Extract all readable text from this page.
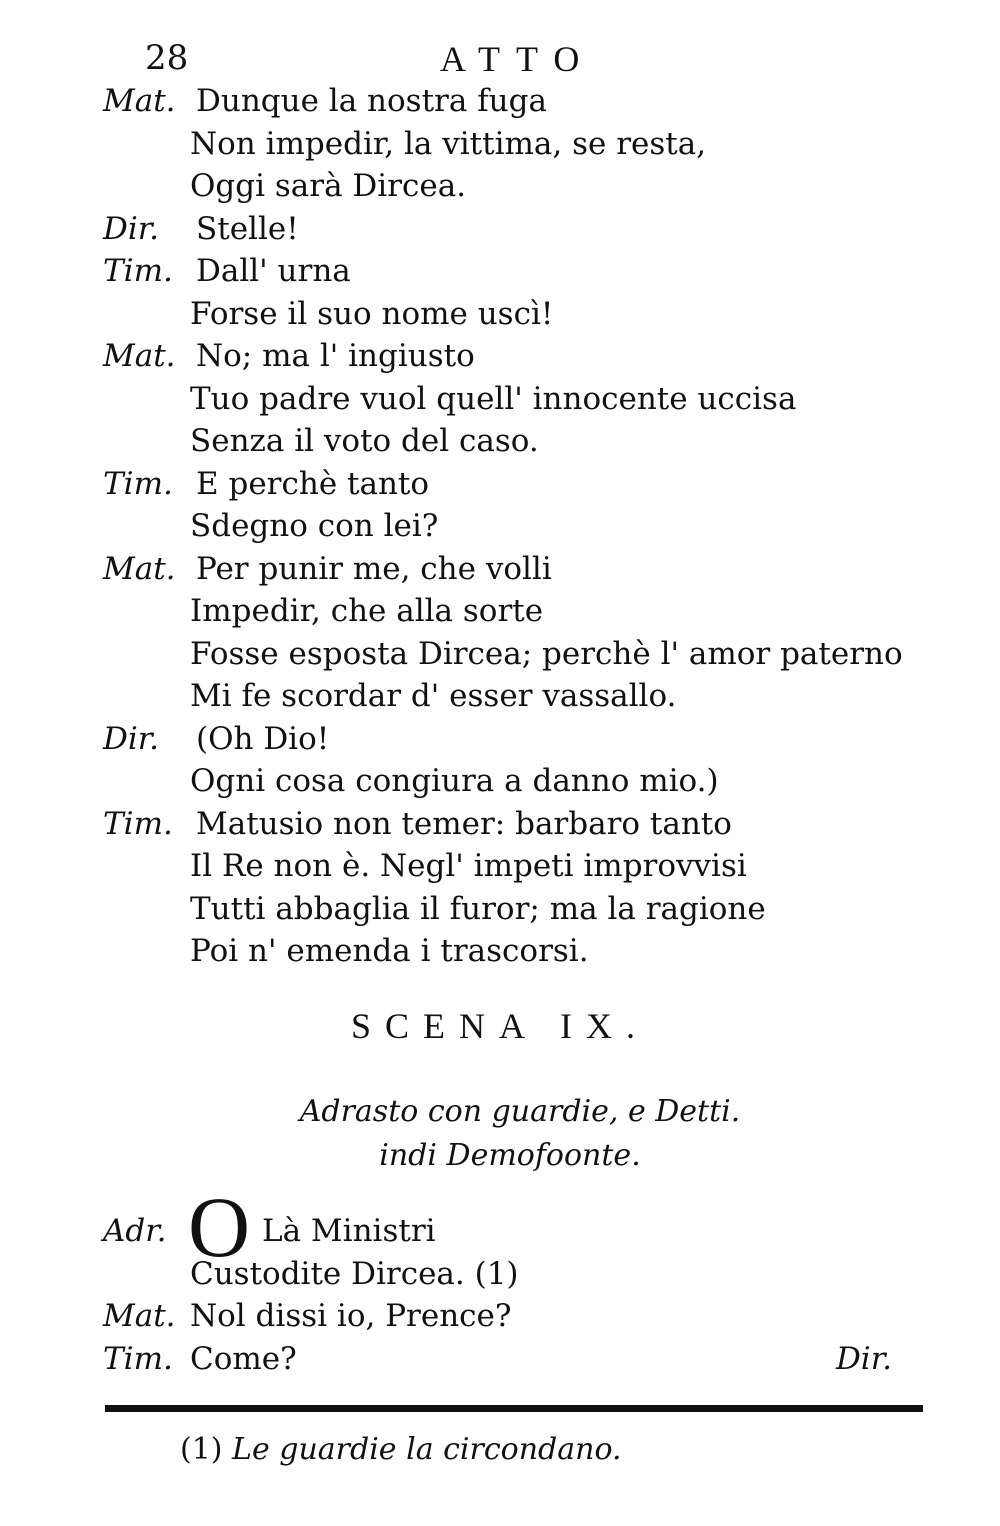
28	ATTO
Mat. Dunque la nostra fuga
Non impedir, la vittima, se resta,
Oggi sarà Dircea.
Dir. Stelle!
Tim. Dall' urna
Forse il suo nome uscì!
Mat. No; ma l' ingiusto
Tuo padre vuol quell' innocente uccisa
Senza il voto del caso.
Tim. E perchè tanto
Sdegno con lei?
Mat. Per punir me, che volli
Impedir, che alla sorte
Fosse esposta Dircea; perchè l' amor paterno
Mi fe scordar d' esser vassallo.
Dir. (Oh Dio!
Ogni cosa congiura a danno mio.)
Tim. Matusio non temer: barbaro tanto
Il Re non è. Negl' impeti improvvisi
Tutti abbaglia il furor; ma la ragione
Poi n' emenda i trascorsi.
SCENA IX.
Adrasto con guardie, e Detti.
indi Demofoonte.
Adr. O Là Ministri
Custodite Dircea. (1)
Mat. Nol dissi io, Prence?
Tim. Come?	Dir.
(1) Le guardie la circondano.
